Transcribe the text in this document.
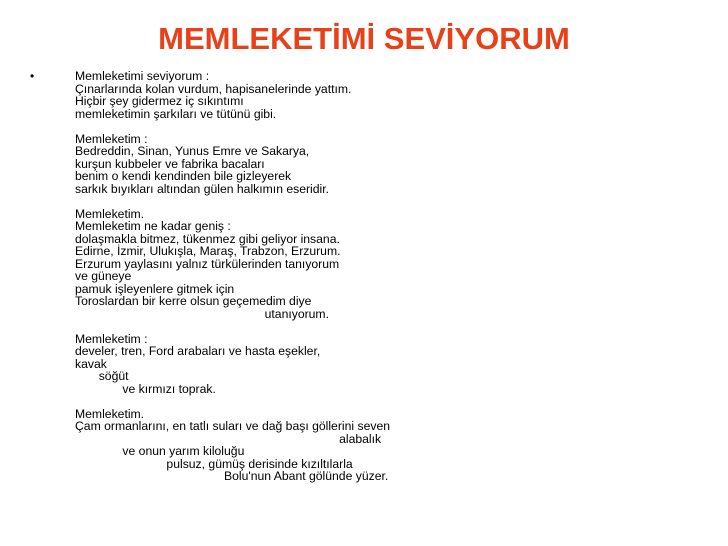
MEMLEKETİMİ SEVİYORUM
•	Memleketimi seviyorum :
Çınarlarında kolan vurdum, hapisanelerinde yattım.
Hiçbir şey gidermez iç sıkıntımı
memleketimin şarkıları ve tütünü gibi.
Memleketim :
Bedreddin, Sinan, Yunus Emre ve Sakarya,
kurşun kubbeler ve fabrika bacaları
benim o kendi kendinden bile gizleyerek
sarkık bıyıkları altından gülen halkımın eseridir.
Memleketim.
Memleketim ne kadar geniş :
dolaşmakla bitmez, tükenmez gibi geliyor insana.
Edirne, İzmir, Ulukışla, Maraş, Trabzon, Erzurum.
Erzurum yaylasını yalnız türkülerinden tanıyorum
ve güneye
pamuk işleyenlere gitmek için
Toroslardan bir kerre olsun geçemedim diye
utanıyorum.
Memleketim :
develer, tren, Ford arabaları ve hasta eşekler,
kavak
söğüt
ve kırmızı toprak.
Memleketim.
Çam ormanlarını, en tatlı suları ve dağ başı göllerini seven
alabalık
ve onun yarım kiloluğu
pulsuz, gümüş derisinde kızıltılarla
Bolu'nun Abant gölünde yüzer.
